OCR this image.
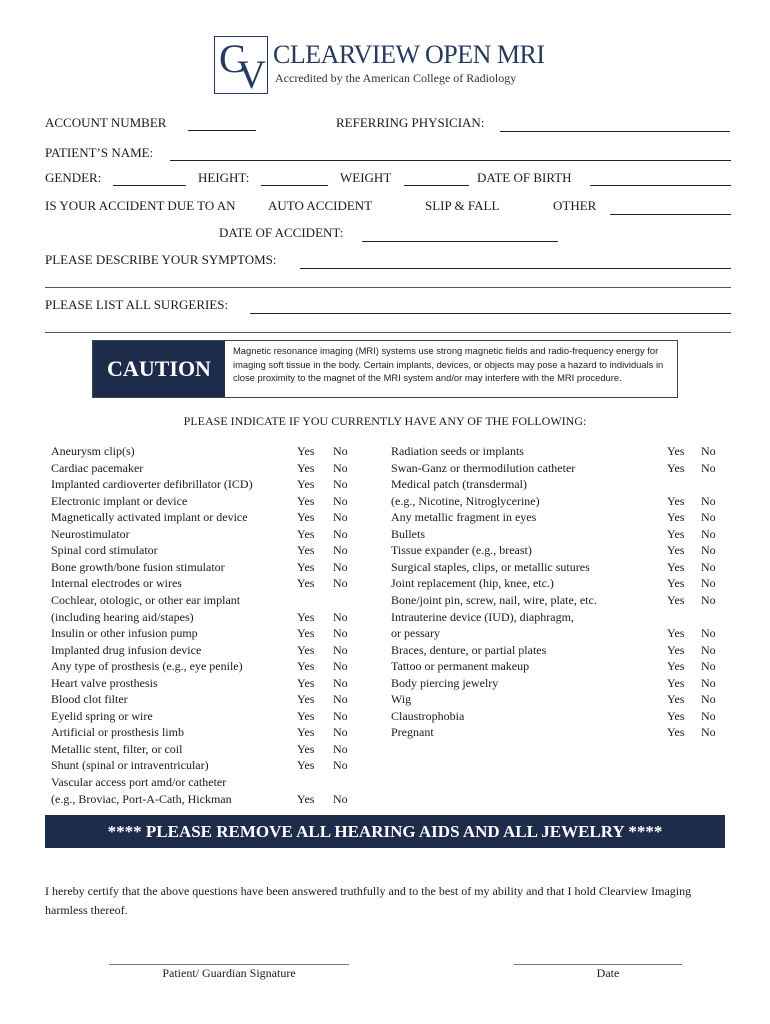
C
V CLEARVIEW OPEN MRI
Accredited by the American College of Radiology
ACCOUNT NUMBER	REFERRING PHYSICIAN:
PATIENT’S NAME:
GENDER:	HEIGHT:	WEIGHT	DATE OF BIRTH
IS YOUR ACCIDENT DUE TO AN AUTO ACCIDENT	SLIP & FALL	OTHER
DATE OF ACCIDENT:
PLEASE DESCRIBE YOUR SYMPTOMS:
PLEASE LIST ALL SURGERIES:
CAUTION
Magnetic resonance imaging (MRI) systems use strong magnetic fields and radio-frequency energy for imaging soft tissue in the body. Certain implants, devices, or objects may pose a hazard to individuals in close proximity to the magnet of the MRI system and/or may interfere with the MRI procedure.
PLEASE INDICATE IF YOU CURRENTLY HAVE ANY OF THE FOLLOWING:
Aneurysm clip(s)	Yes No
Cardiac pacemaker	Yes No
Implanted cardioverter defibrillator (ICD)	Yes No
Electronic implant or device	Yes No
Magnetically activated implant or device	Yes No
Neurostimulator	Yes No
Spinal cord stimulator	Yes No
Bone growth/bone fusion stimulator	Yes No
Internal electrodes or wires	Yes No
Cochlear, otologic, or other ear implant
(including hearing aid/stapes)	Yes No
Insulin or other infusion pump	Yes No
Implanted drug infusion device	Yes No
Any type of prosthesis (e.g., eye penile)	Yes No
Heart valve prosthesis	Yes No
Blood clot filter	Yes No
Eyelid spring or wire	Yes No
Artificial or prosthesis limb	Yes No
Metallic stent, filter, or coil	Yes No
Shunt (spinal or intraventricular)	Yes No
Vascular access port amd/or catheter
(e.g., Broviac, Port-A-Cath, Hickman	Yes No
Radiation seeds or implants	Yes No
Swan-Ganz or thermodilution catheter	Yes No
Medical patch (transdermal)
(e.g., Nicotine, Nitroglycerine)	Yes No
Any metallic fragment in eyes	Yes No
Bullets	Yes No
Tissue expander (e.g., breast)	Yes No
Surgical staples, clips, or metallic sutures	Yes No
Joint replacement (hip, knee, etc.)	Yes No
Bone/joint pin, screw, nail, wire, plate, etc.	Yes No
Intrauterine device (IUD), diaphragm,
or pessary	Yes No
Braces, denture, or partial plates	Yes No
Tattoo or permanent makeup	Yes No
Body piercing jewelry	Yes No
Wig	Yes No
Claustrophobia	Yes No
Pregnant	Yes No
**** PLEASE REMOVE ALL HEARING AIDS AND ALL JEWELRY ****
I hereby certify that the above questions have been answered truthfully and to the best of my ability and that I hold Clearview Imaging harmless thereof.
________________________________________
Patient/ Guardian Signature
____________________________
Date
